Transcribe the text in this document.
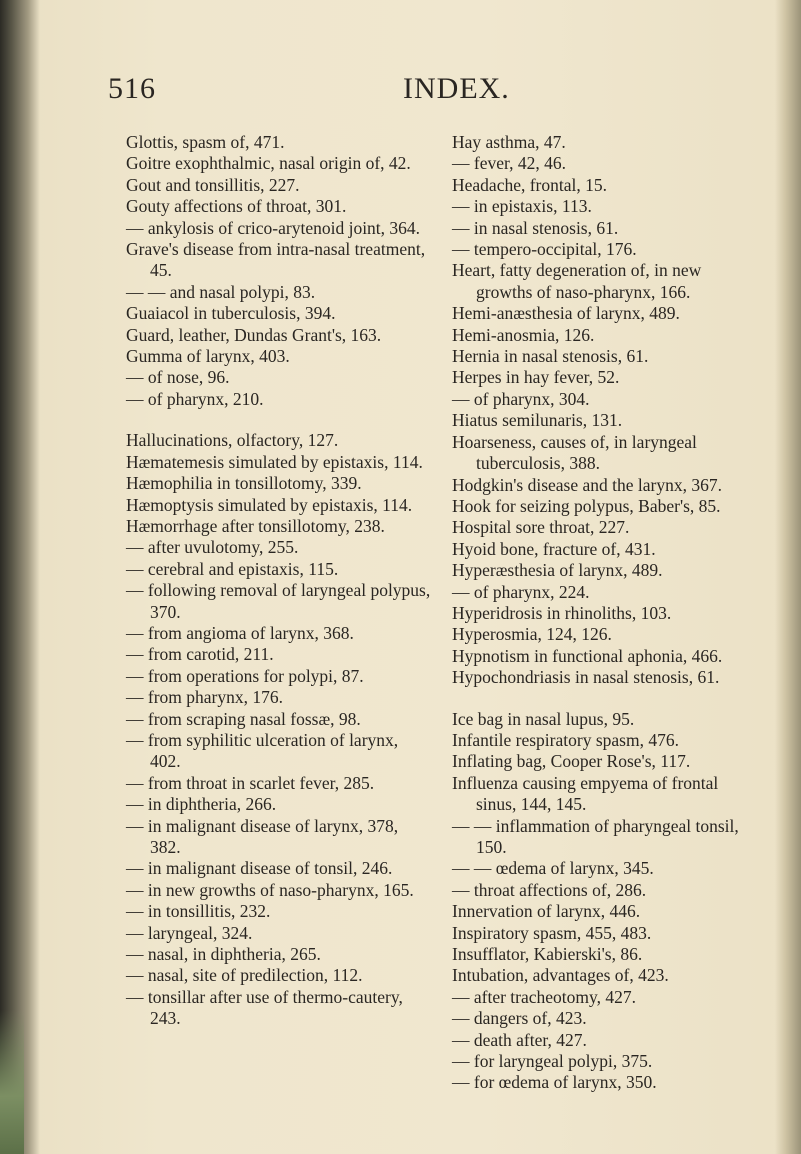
516	INDEX.
Glottis, spasm of, 471.
Goitre exophthalmic, nasal origin of, 42.
Gout and tonsillitis, 227.
Gouty affections of throat, 301.
— ankylosis of crico-arytenoid joint, 364.
Grave's disease from intra-nasal treatment, 45.
— — and nasal polypi, 83.
Guaiacol in tuberculosis, 394.
Guard, leather, Dundas Grant's, 163.
Gumma of larynx, 403.
— of nose, 96.
— of pharynx, 210.
Hallucinations, olfactory, 127.
Hæmatemesis simulated by epistaxis, 114.
Hæmophilia in tonsillotomy, 339.
Hæmoptysis simulated by epistaxis, 114.
Hæmorrhage after tonsillotomy, 238.
— after uvulotomy, 255.
— cerebral and epistaxis, 115.
— following removal of laryngeal polypus, 370.
— from angioma of larynx, 368.
— from carotid, 211.
— from operations for polypi, 87.
— from pharynx, 176.
— from scraping nasal fossæ, 98.
— from syphilitic ulceration of larynx, 402.
— from throat in scarlet fever, 285.
— in diphtheria, 266.
— in malignant disease of larynx, 378, 382.
— in malignant disease of tonsil, 246.
— in new growths of naso-pharynx, 165.
— in tonsillitis, 232.
— laryngeal, 324.
— nasal, in diphtheria, 265.
— nasal, site of predilection, 112.
— tonsillar after use of thermo-cautery, 243.
Hay asthma, 47.
— fever, 42, 46.
Headache, frontal, 15.
— in epistaxis, 113.
— in nasal stenosis, 61.
— tempero-occipital, 176.
Heart, fatty degeneration of, in new growths of naso-pharynx, 166.
Hemi-anæsthesia of larynx, 489.
Hemi-anosmia, 126.
Hernia in nasal stenosis, 61.
Herpes in hay fever, 52.
— of pharynx, 304.
Hiatus semilunaris, 131.
Hoarseness, causes of, in laryngeal tuberculosis, 388.
Hodgkin's disease and the larynx, 367.
Hook for seizing polypus, Baber's, 85.
Hospital sore throat, 227.
Hyoid bone, fracture of, 431.
Hyperæsthesia of larynx, 489.
— of pharynx, 224.
Hyperidrosis in rhinoliths, 103.
Hyperosmia, 124, 126.
Hypnotism in functional aphonia, 466.
Hypochondriasis in nasal stenosis, 61.
Ice bag in nasal lupus, 95.
Infantile respiratory spasm, 476.
Inflating bag, Cooper Rose's, 117.
Influenza causing empyema of frontal sinus, 144, 145.
— — inflammation of pharyngeal tonsil, 150.
— — œdema of larynx, 345.
— throat affections of, 286.
Innervation of larynx, 446.
Inspiratory spasm, 455, 483.
Insufflator, Kabierski's, 86.
Intubation, advantages of, 423.
— after tracheotomy, 427.
— dangers of, 423.
— death after, 427.
— for laryngeal polypi, 375.
— for œdema of larynx, 350.
